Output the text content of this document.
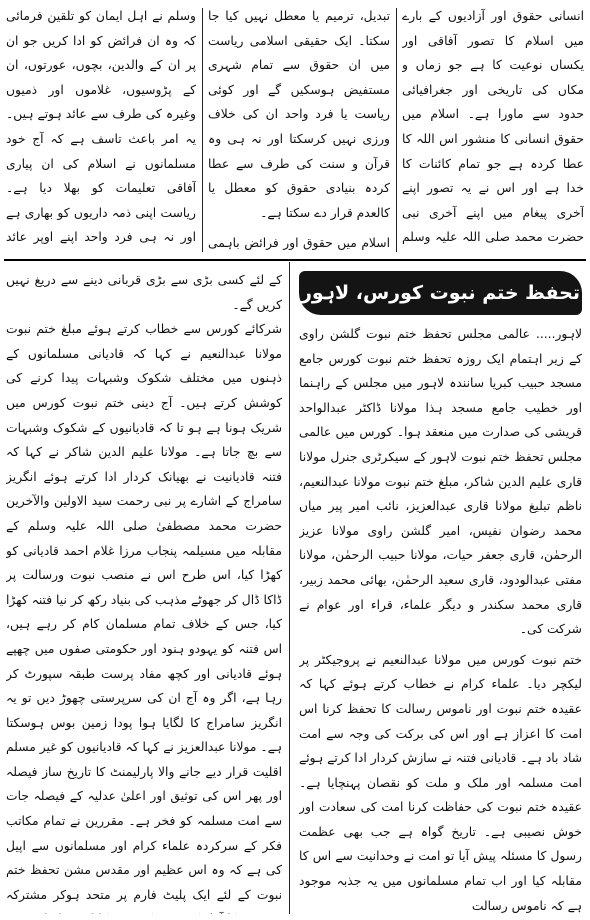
انسانی حقوق اور آزادیوں کے بارے میں اسلام کا تصور آفاقی اور یکساں نوعیت کا ہے جو زماں و مکاں کی تاریخی اور جغرافیائی حدود سے ماورا ہے۔ اسلام میں حقوق انسانی کا منشور اس اللہ کا عطا کردہ ہے جو تمام کائنات کا خدا ہے اور اس نے یہ تصور اپنے آخری پیغام میں اپنے آخری نبی حضرت محمد صلی اللہ علیہ وسلم

تبدیل، ترمیم یا معطل نہیں کیا جا سکتا۔ ایک حقیقی اسلامی ریاست میں ان حقوق سے تمام شہری مستفیض ہوسکیں گے اور کوئی ریاست یا فرد واحد ان کی خلاف ورزی نہیں کرسکتا اور نہ ہی وہ قرآن و سنت کی طرف سے عطا کردہ بنیادی حقوق کو معطل یا کالعدم قرار دے سکتا ہے۔

اسلام میں حقوق اور فرائض باہمی

وسلم نے اہل ایمان کو تلقین فرمائی کہ وہ ان فرائض کو ادا کریں جو ان پر ان کے والدین، بچوں، عورتوں، ان کے پڑوسیوں، غلاموں اور ذمیوں وغیرہ کی طرف سے عائد ہوتے ہیں۔ یہ امر باعث تاسف ہے کہ آج خود مسلمانوں نے اسلام کی ان پیاری آفاقی تعلیمات کو بھلا دیا ہے۔ ریاست اپنی ذمہ داریوں کو بھاری ہے اور نہ ہی فرد واحد اپنے اوپر عائد

تحفظ ختم نبوت کورس، لاہور

لاہور..... عالمی مجلس تحفظ ختم نبوت گلشن راوی کے زیر اہتمام ایک روزہ تحفظ ختم نبوت کورس جامع مسجد حبیب کبریا سانندہ لاہور میں مجلس کے راہنما اور خطیب جامع مسجد ہذا مولانا ڈاکٹر عبدالواحد قریشی کی صدارت میں منعقد ہوا۔ کورس میں عالمی مجلس تحفظ ختم نبوت لاہور کے سیکرٹری جنرل مولانا قاری علیم الدین شاکر، مبلغ ختم نبوت مولانا عبدالنعیم، ناظم تبلیغ مولانا قاری عبدالعزیز، نائب امیر پیر میاں محمد رضوان نفیس، امیر گلشن راوی مولانا عزیز الرحمٰن، قاری جعفر حیات، مولانا حبیب الرحمٰن، مولانا مفتی عبدالودود، قاری سعید الرحمٰن، بھائی محمد زبیر، قاری محمد سکندر و دیگر علماء، قراء اور عوام نے شرکت کی۔

ختم نبوت کورس میں مولانا عبدالنعیم نے پروجیکٹر پر لیکچر دیا۔ علماء کرام نے خطاب کرتے ہوئے کہا کہ عقیدہ ختم نبوت اور ناموس رسالت کا تحفظ کرنا اس امت کا اعزاز ہے اور اس کی برکت کی وجہ سے امت شاد باد ہے۔ قادیانی فتنہ نے سازش کردار ادا کرتے ہوئے امت مسلمہ اور ملک و ملت کو نقصان پہنچایا ہے۔ عقیدہ ختم نبوت کی حفاظت کرنا امت کی سعادت اور خوش نصیبی ہے۔ تاریخ گواہ ہے جب بھی عظمت رسول کا مسئلہ پیش آیا تو امت نے وحدانیت سے اس کا مقابلہ کیا اور اب تمام مسلمانوں میں یہ جذبہ موجود ہے کہ ناموس رسالت

کے لئے کسی بڑی سے بڑی قربانی دینے سے دریغ نہیں کریں گے۔

شرکائے کورس سے خطاب کرتے ہوئے مبلغ ختم نبوت مولانا عبدالنعیم نے کہا کہ قادیانی مسلمانوں کے ذہنوں میں مختلف شکوک وشبہات پیدا کرنے کی کوشش کرتے ہیں۔ آج دینی ختم نبوت کورس میں شریک ہونا ہے ہو تا کہ قادیانیوں کے شکوک وشبہات سے بچ جاتا ہے۔ مولانا علیم الدین شاکر نے کہا کہ فتنہ قادیانیت نے بھیانک کردار ادا کرتے ہوئے انگریز سامراج کے اشارے پر نبی رحمت سید الاولین والآخرین حضرت محمد مصطفیٰ صلی اللہ علیہ وسلم کے مقابلہ میں مسیلمہ پنجاب مرزا غلام احمد قادیانی کو کھڑا کیا، اس طرح اس نے منصب نبوت ورسالت پر ڈاکا ڈال کر جھوٹے مذہب کی بنیاد رکھ کر نیا فتنہ کھڑا کیا، جس کے خلاف تمام مسلمان کام کر رہے ہیں، اس فتنہ کو یہودو ہنود اور حکومتی صفوں میں چھپے ہوئے قادیانی اور کچھ مفاد پرست طبقہ سپورٹ کر رہا ہے، اگر وہ آج ان کی سرپرستی چھوڑ دیں تو یہ انگریز سامراج کا لگایا ہوا پودا زمین بوس ہوسکتا ہے۔ مولانا عبدالعزیز نے کہا کہ قادیانیوں کو غیر مسلم اقلیت قرار دیے جانے والا پارلیمنٹ کا تاریخ ساز فیصلہ اور پھر اس کی توثیق اور اعلیٰ عدلیہ کے فیصلہ جات سے امت مسلمہ کو فخر ہے۔ مقررین نے تمام مکاتب فکر کے سرکردہ علماء کرام اور مسلمانوں سے اپیل کی ہے کہ وہ اس عظیم اور مقدس مشن تحفظ ختم نبوت کے لئے ایک پلیٹ فارم پر متحد ہوکر مشترکہ
